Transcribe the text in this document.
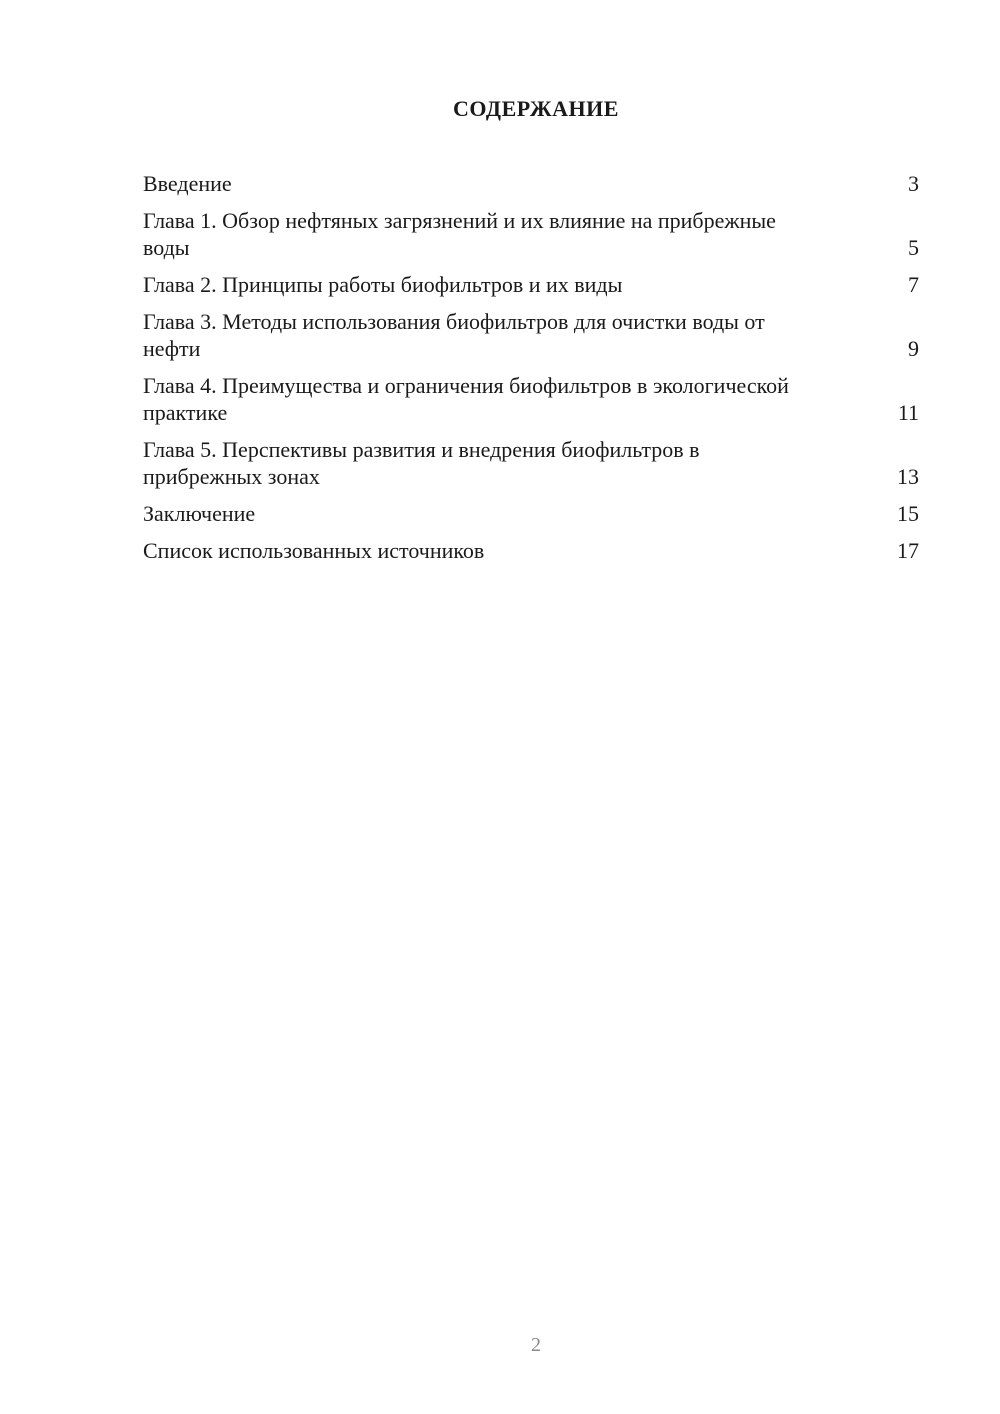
СОДЕРЖАНИЕ
Введение	3
Глава 1. Обзор нефтяных загрязнений и их влияние на прибрежные воды	5
Глава 2. Принципы работы биофильтров и их виды	7
Глава 3. Методы использования биофильтров для очистки воды от нефти	9
Глава 4. Преимущества и ограничения биофильтров в экологической практике	11
Глава 5. Перспективы развития и внедрения биофильтров в прибрежных зонах	13
Заключение	15
Список использованных источников	17
2
